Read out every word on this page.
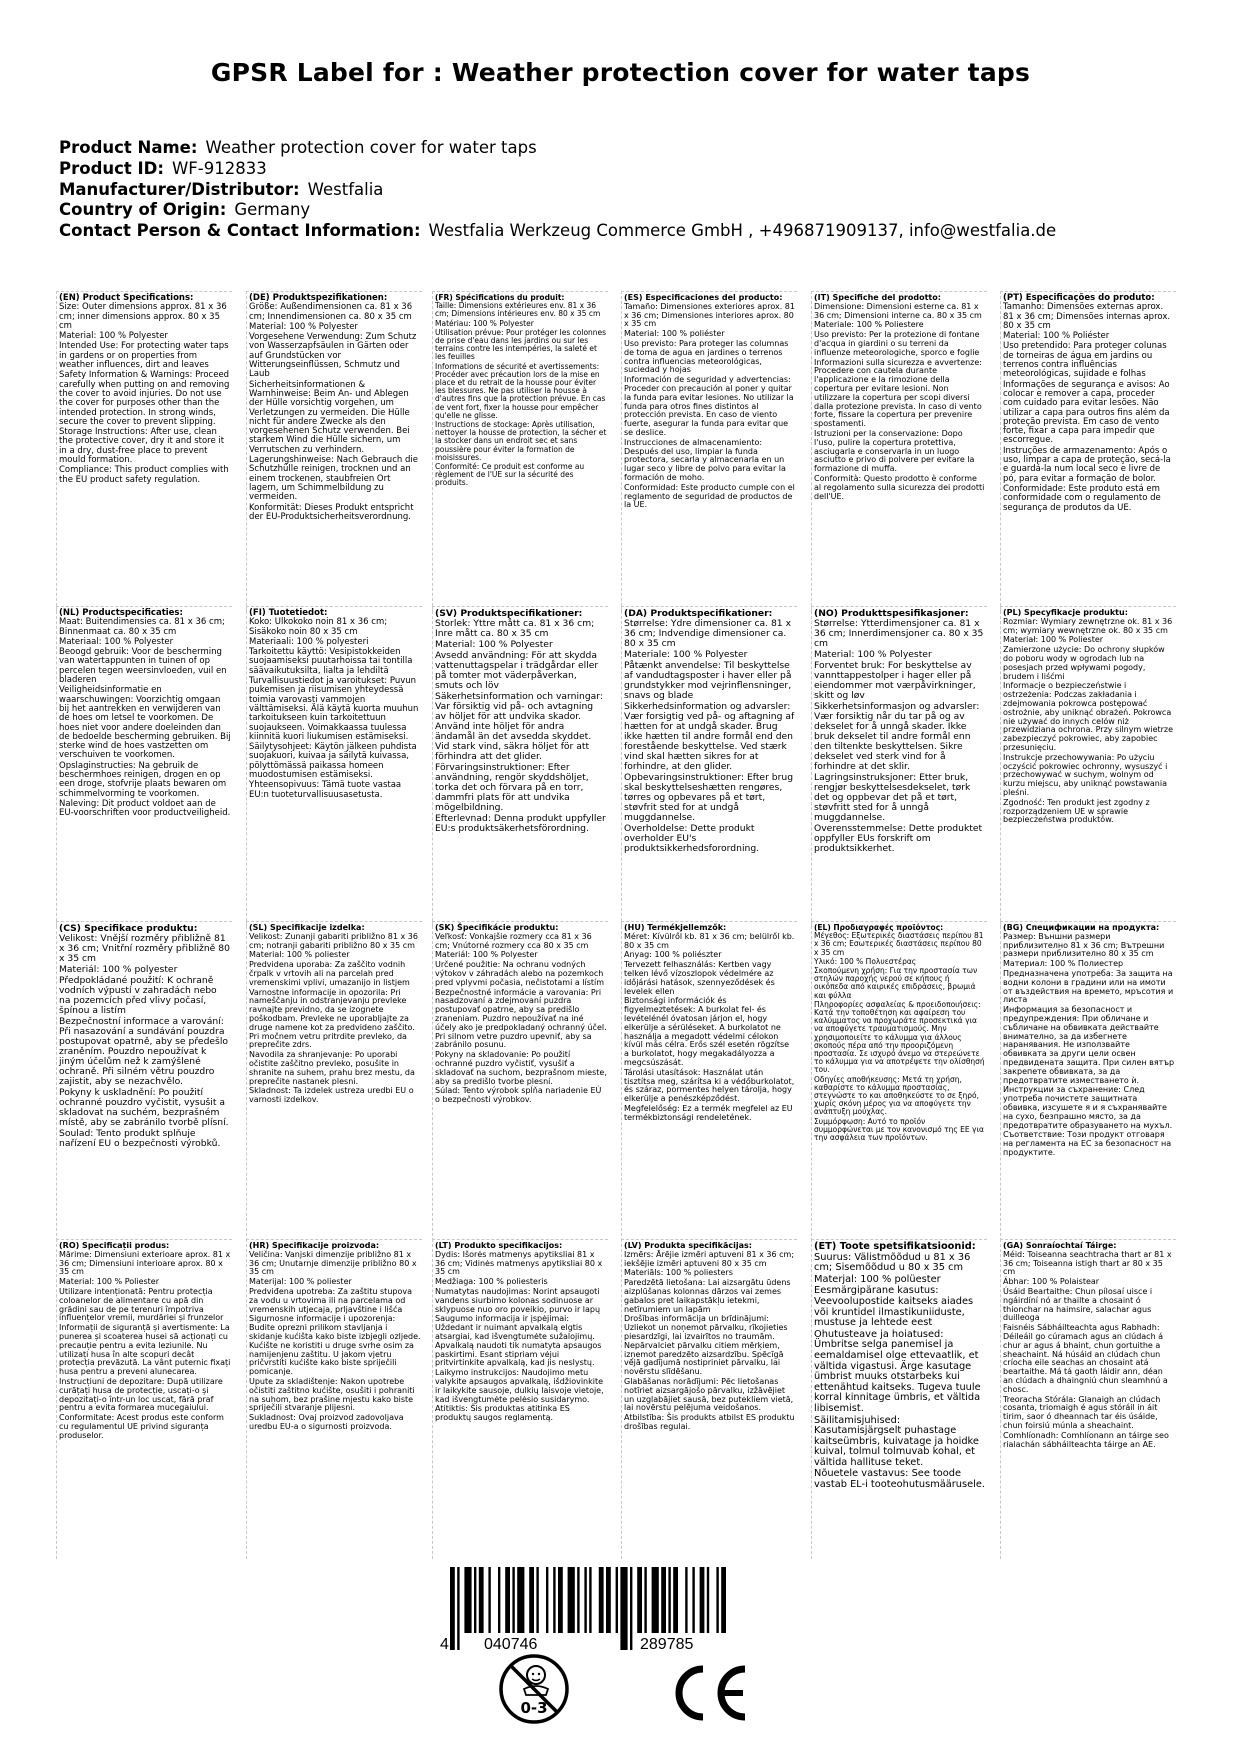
GPSR Label for : Weather protection cover for water taps
Product Name: Weather protection cover for water taps
Product ID: WF-912833
Manufacturer/Distributor: Westfalia
Country of Origin: Germany
Contact Person & Contact Information: Westfalia Werkzeug Commerce GmbH , +496871909137, info@westfalia.de
(EN) Product Specifications:

Size: Outer dimensions approx. 81 x 36 cm; inner dimensions approx. 80 x 35 cm

Material: 100 % Polyester

Intended Use: For protecting water taps in gardens or on properties from weather influences, dirt and leaves

Safety Information & Warnings: Proceed carefully when putting on and removing the cover to avoid injuries. Do not use the cover for purposes other than the intended protection. In strong winds, secure the cover to prevent slipping.

Storage Instructions: After use, clean the protective cover, dry it and store it in a dry, dust-free place to prevent mould formation.

Compliance: This product complies with the EU product safety regulation.

(DE) Produktspezifikationen:

Größe: Außendimensionen ca. 81 x 36 cm; Innendimensionen ca. 80 x 35 cm

Material: 100 % Polyester

Vorgesehene Verwendung: Zum Schutz von Wasserzapfsäulen in Gärten oder auf Grundstücken vor Witterungseinflüssen, Schmutz und Laub

Sicherheitsinformationen & Warnhinweise: Beim An- und Ablegen der Hülle vorsichtig vorgehen, um Verletzungen zu vermeiden. Die Hülle nicht für andere Zwecke als den vorgesehenen Schutz verwenden. Bei starkem Wind die Hülle sichern, um Verrutschen zu verhindern.

Lagerungshinweise: Nach Gebrauch die Schutzhülle reinigen, trocknen und an einem trockenen, staubfreien Ort lagern, um Schimmelbildung zu vermeiden.

Konformität: Dieses Produkt entspricht der EU-Produktsicherheitsverordnung.

(FR) Spécifications du produit:

Taille: Dimensions extérieures env. 81 x 36 cm; Dimensions intérieures env. 80 x 35 cm

Matériau: 100 % Polyester

Utilisation prévue: Pour protéger les colonnes de prise d'eau dans les jardins ou sur les terrains contre les intempéries, la saleté et les feuilles

Informations de sécurité et avertissements: Procéder avec précaution lors de la mise en place et du retrait de la housse pour éviter les blessures. Ne pas utiliser la housse à d'autres fins que la protection prévue. En cas de vent fort, fixer la housse pour empêcher qu'elle ne glisse.

Instructions de stockage: Après utilisation, nettoyer la housse de protection, la sécher et la stocker dans un endroit sec et sans poussière pour éviter la formation de moisissures.

Conformité: Ce produit est conforme au règlement de l'UE sur la sécurité des produits.

(ES) Especificaciones del producto:

Tamaño: Dimensiones exteriores aprox. 81 x 36 cm; Dimensiones interiores aprox. 80 x 35 cm

Material: 100 % poliéster

Uso previsto: Para proteger las columnas de toma de agua en jardines o terrenos contra influencias meteorológicas, suciedad y hojas

Información de seguridad y advertencias: Proceder con precaución al poner y quitar la funda para evitar lesiones. No utilizar la funda para otros fines distintos al protección prevista. En caso de viento fuerte, asegurar la funda para evitar que se deslice.

Instrucciones de almacenamiento: Después del uso, limpiar la funda protectora, secarla y almacenarla en un lugar seco y libre de polvo para evitar la formación de moho.

Conformidad: Este producto cumple con el reglamento de seguridad de productos de la UE.

(IT) Specifiche del prodotto:

Dimensione: Dimensioni esterne ca. 81 x 36 cm; Dimensioni interne ca. 80 x 35 cm

Materiale: 100 % Poliestere

Uso previsto: Per la protezione di fontane d'acqua in giardini o su terreni da influenze meteorologiche, sporco e foglie

Informazioni sulla sicurezza e avvertenze: Procedere con cautela durante l'applicazione e la rimozione della copertura per evitare lesioni. Non utilizzare la copertura per scopi diversi dalla protezione prevista. In caso di vento forte, fissare la copertura per prevenire spostamenti.

Istruzioni per la conservazione: Dopo l'uso, pulire la copertura protettiva, asciugarla e conservarla in un luogo asciutto e privo di polvere per evitare la formazione di muffa.

Conformità: Questo prodotto è conforme al regolamento sulla sicurezza dei prodotti dell'UE.

(PT) Especificações do produto:

Tamanho: Dimensões externas aprox. 81 x 36 cm; Dimensões internas aprox. 80 x 35 cm

Material: 100 % Poliéster

Uso pretendido: Para proteger colunas de torneiras de água em jardins ou terrenos contra influências meteorológicas, sujidade e folhas

Informações de segurança e avisos: Ao colocar e remover a capa, proceder com cuidado para evitar lesões. Não utilizar a capa para outros fins além da proteção prevista. Em caso de vento forte, fixar a capa para impedir que escorregue.

Instruções de armazenamento: Após o uso, limpar a capa de proteção, secá-la e guardá-la num local seco e livre de pó, para evitar a formação de bolor.

Conformidade: Este produto está em conformidade com o regulamento de segurança de produtos da UE.

(NL) Productspecificaties:

Maat: Buitendimensies ca. 81 x 36 cm; Binnenmaat ca. 80 x 35 cm

Materiaal: 100 % Polyester

Beoogd gebruik: Voor de bescherming van watertappunten in tuinen of op percelen tegen weersinvloeden, vuil en bladeren

Veiligheidsinformatie en waarschuwingen: Voorzichtig omgaan bij het aantrekken en verwijderen van de hoes om letsel te voorkomen. De hoes niet voor andere doeleinden dan de bedoelde bescherming gebruiken. Bij sterke wind de hoes vastzetten om verschuiven te voorkomen.

Opslaginstructies: Na gebruik de beschermhoes reinigen, drogen en op een droge, stofvrije plaats bewaren om schimmelvorming te voorkomen.

Naleving: Dit product voldoet aan de EU-voorschriften voor productveiligheid.

(FI) Tuotetiedot:

Koko: Ulkokoko noin 81 x 36 cm; Sisäkoko noin 80 x 35 cm

Materiaali: 100 % polyesteri

Tarkoitettu käyttö: Vesipistokkeiden suojaamiseksi puutarhoissa tai tontilla säävaikutuksilta, lialta ja lehdiltä

Turvallisuustiedot ja varoitukset: Puvun pukemisen ja riisumisen yhteydessä toimia varovasti vammojen välttämiseksi. Älä käytä kuorta muuhun tarkoitukseen kuin tarkoitettuun suojaukseen. Voimakkaassa tuulessa kiinnitä kuori liukumisen estämiseksi.

Säilytysohjeet: Käytön jälkeen puhdista suojakuori, kuivaa ja säilytä kuivassa, pölyttömässä paikassa homeen muodostumisen estämiseksi.

Yhteensopivuus: Tämä tuote vastaa EU:n tuoteturvallisuusasetusta.

(SV) Produktspecifikationer:

Storlek: Yttre mått ca. 81 x 36 cm; Inre mått ca. 80 x 35 cm

Material: 100 % Polyester

Avsedd användning: För att skydda vattenuttagspelar i trädgårdar eller på tomter mot väderpåverkan, smuts och löv

Säkerhetsinformation och varningar: Var försiktig vid på- och avtagning av höljet för att undvika skador. Använd inte höljet för andra ändamål än det avsedda skyddet. Vid stark vind, säkra höljet för att förhindra att det glider.

Förvaringsinstruktioner: Efter användning, rengör skyddshöljet, torka det och förvara på en torr, dammfri plats för att undvika mögelbildning.

Efterlevnad: Denna produkt uppfyller EU:s produktsäkerhetsförordning.

(DA) Produktspecifikationer:

Størrelse: Ydre dimensioner ca. 81 x 36 cm; Indvendige dimensioner ca. 80 x 35 cm

Materiale: 100 % Polyester

Påtænkt anvendelse: Til beskyttelse af vandudtagsposter i haver eller på grundstykker mod vejrinflensninger, snavs og blade

Sikkerhedsinformation og advarsler: Vær forsigtig ved på- og aftagning af hætten for at undgå skader. Brug ikke hætten til andre formål end den forestående beskyttelse. Ved stærk vind skal hætten sikres for at forhindre, at den glider.

Opbevaringsinstruktioner: Efter brug skal beskyttelseshætten rengøres, tørres og opbevares på et tørt, støvfrit sted for at undgå muggdannelse.

Overholdelse: Dette produkt overholder EU's produktsikkerhedsforordning.

(NO) Produkttspesifikasjoner:

Størrelse: Ytterdimensjoner ca. 81 x 36 cm; Innerdimensjoner ca. 80 x 35 cm

Material: 100 % Polyester

Forventet bruk: For beskyttelse av vannttappestolper i hager eller på eiendommer mot værpåvirkninger, skitt og løv

Sikkerhetsinformasjon og advarsler: Vær forsiktig når du tar på og av dekselet for å unngå skader. Ikke bruk dekselet til andre formål enn den tiltenkte beskyttelsen. Sikre dekselet ved sterk vind for å forhindre at det sklir.

Lagringsinstruksjoner: Etter bruk, rengjør beskyttelsesdekselet, tørk det og oppbevar det på et tørt, støvfritt sted for å unngå muggdannelse.

Overensstemmelse: Dette produktet oppfyller EUs forskrift om produktsikkerhet.

(PL) Specyfikacje produktu:

Rozmiar: Wymiary zewnętrzne ok. 81 x 36 cm; wymiary wewnętrzne ok. 80 x 35 cm

Materiał: 100 % Poliester

Zamierzone użycie: Do ochrony słupków do poboru wody w ogrodach lub na posesjach przed wpływami pogody, brudem i liśćmi

Informacje o bezpieczeństwie i ostrzeżenia: Podczas zakładania i zdejmowania pokrowca postępować ostrożnie, aby uniknąć obrażeń. Pokrowca nie używać do innych celów niż przewidziana ochrona. Przy silnym wietrze zabezpieczyć pokrowiec, aby zapobiec przesunięciu.

Instrukcje przechowywania: Po użyciu oczyścić pokrowiec ochronny, wysuszyć i przechowywać w suchym, wolnym od kurzu miejscu, aby uniknąć powstawania pleśni.

Zgodność: Ten produkt jest zgodny z rozporządzeniem UE w sprawie bezpieczeństwa produktów.

(CS) Specifikace produktu:

Velikost: Vnější rozměry přibližně 81 x 36 cm; Vnitřní rozměry přibližně 80 x 35 cm

Materiál: 100 % polyester

Předpokládané použití: K ochraně vodních výpustí v zahradách nebo na pozemcích před vlivy počasí, špínou a listím

Bezpečnostní informace a varování: Při nasazování a sundávání pouzdra postupovat opatrně, aby se předešlo zraněním. Pouzdro nepoužívat k jiným účelům než k zamýšlené ochraně. Při silném větru pouzdro zajistit, aby se nezachvělo.

Pokyny k uskladnění: Po použití ochranné pouzdro vyčistit, vysušit a skladovat na suchém, bezprašném místě, aby se zabránilo tvorbě plísní.

Soulad: Tento produkt splňuje nařízení EU o bezpečnosti výrobků.

(SL) Specifikacije izdelka:

Velikost: Zunanji gabariti približno 81 x 36 cm; notranji gabariti približno 80 x 35 cm

Material: 100 % poliester

Predvidena uporaba: Za zaščito vodnih črpalk v vrtovih ali na parcelah pred vremenskimi vplivi, umazanijo in listjem

Varnostne informacije in opozorila: Pri nameščanju in odstranjevanju prevleke ravnajte previdno, da se izognete poškodbam. Prevleke ne uporabljajte za druge namene kot za predvideno zaščito. Pri močnem vetru pritrdite prevleko, da preprečite zdrs.

Navodila za shranjevanje: Po uporabi očistite zaščitno prevleko, posušite in shranite na suhem, prahu brez mestu, da preprečite nastanek plesni.

Skladnost: Ta izdelek ustreza uredbi EU o varnosti izdelkov.

(SK) Špecifikácie produktu:

Veľkosť: Vonkajšie rozmery cca 81 x 36 cm; Vnútorné rozmery cca 80 x 35 cm

Materiál: 100 % Polyester

Určené použitie: Na ochranu vodných výtokov v záhradách alebo na pozemkoch pred vplyvmi počasia, nečistotami a lístím

Bezpečnostné informácie a varovania: Pri nasadzovaní a zdejmovaní puzdra postupovať opatrne, aby sa predišlo zraneniam. Puzdro nepoužívať na iné účely ako je predpokladaný ochranný účel. Pri silnom vetre puzdro upevniť, aby sa zabránilo posunu.

Pokyny na skladovanie: Po použití ochranné puzdro vyčistiť, vysušiť a skladovať na suchom, bezprašnom mieste, aby sa predišlo tvorbe plesní.

Súlad: Tento výrobok spĺňa nariadenie EÚ o bezpečnosti výrobkov.

(HU) Termékjellemzők:

Méret: Kívülről kb. 81 x 36 cm; belülről kb. 80 x 35 cm

Anyag: 100 % poliészter

Tervezett felhasználás: Kertben vagy telken lévő vízoszlopok védelmére az időjárási hatások, szennyeződések és levelek ellen

Biztonsági információk és figyelmeztetések: A burkolat fel- és levételénél óvatosan járjon el, hogy elkerülje a sérüléseket. A burkolatot ne használja a megadott védelmi célokon kívül más célra. Erős szél esetén rögzítse a burkolatot, hogy megakadályozza a megcsúszását.

Tárolási utasítások: Használat után tisztítsa meg, szárítsa ki a védőburkolatot, és száraz, pormentes helyen tárolja, hogy elkerülje a penészképződést.

Megfelelőség: Ez a termék megfelel az EU termékbiztonsági rendeletének.

(EL) Προδιαγραφές προϊόντος:

Μέγεθος: Εξωτερικές διαστάσεις περίπου 81 x 36 cm; Εσωτερικές διαστάσεις περίπου 80 x 35 cm

Υλικό: 100 % Πολυεστέρας

Σκοπούμενη χρήση: Για την προστασία των στηλών παροχής νερού σε κήπους ή οικόπεδα από καιρικές επιδράσεις, βρωμιά και φύλλα

Πληροφορίες ασφαλείας & προειδοποιήσεις: Κατά την τοποθέτηση και αφαίρεση του καλύμματος να προχωράτε προσεκτικά για να αποφύγετε τραυματισμούς. Μην χρησιμοποιείτε το κάλυμμα για άλλους σκοπούς πέρα από την προοριζόμενη προστασία. Σε ισχυρό άνεμο να στερεώνετε το κάλυμμα για να αποτρέψετε την ολίσθησή του.

Οδηγίες αποθήκευσης: Μετά τη χρήση, καθαρίστε το κάλυμμα προστασίας, στεγνώστε το και αποθηκεύστε το σε ξηρό, χωρίς σκόνη μέρος για να αποφύγετε την ανάπτυξη μούχλας.

Συμμόρφωση: Αυτό το προϊόν συμμορφώνεται με τον κανονισμό της ΕΕ για την ασφάλεια των προϊόντων.

(BG) Спецификации на продукта:

Размер: Външни размери приблизително 81 x 36 cm; Вътрешни размери приблизително 80 x 35 cm

Материал: 100 % Полиестер

Предназначена употреба: За защита на водни колони в градини или на имоти от въздействия на времето, мръсотия и листа

Информация за безопасност и предупреждения: При обличане и събличане на обвивката действайте внимателно, за да избегнете наранявания. Не използвайте обвивката за други цели освен предвидената защита. При силен вятър закрепете обвивката, за да предотвратите изместването ѝ.

Инструкции за съхранение: След употреба почистете защитната обвивка, изсушете я и я съхранявайте на сухо, безпрашно място, за да предотвратите образуването на мухъл.

Съответствие: Този продукт отговаря на регламента на ЕС за безопасност на продуктите.

(RO) Specificații produs:

Mărime: Dimensiuni exterioare aprox. 81 x 36 cm; Dimensiuni interioare aprox. 80 x 35 cm

Material: 100 % Poliester

Utilizare intenționată: Pentru protecția coloanelor de alimentare cu apă din grădini sau de pe terenuri împotriva influențelor vremii, murdăriei și frunzelor

Informații de siguranță și avertismente: La punerea și scoaterea husei să acționați cu precauție pentru a evita leziunile. Nu utilizați husa în alte scopuri decât protecția prevăzută. La vânt puternic fixați husa pentru a preveni alunecarea.

Instrucțiuni de depozitare: După utilizare curățați husa de protecție, uscați-o și depozitați-o într-un loc uscat, fără praf pentru a evita formarea mucegaiului.

Conformitate: Acest produs este conform cu regulamentul UE privind siguranța produselor.

(HR) Specifikacije proizvoda:

Veličina: Vanjski dimenzije približno 81 x 36 cm; Unutarnje dimenzije približno 80 x 35 cm

Materijal: 100 % poliester

Predviđena upotreba: Za zaštitu stupova za vodu u vrtovima ili na parcelama od vremenskih utjecaja, prljavštine i lišća

Sigurnosne informacije i upozorenja: Budite oprezni prilikom stavljanja i skidanje kućišta kako biste izbjegli ozljede. Kućište ne koristiti u druge svrhe osim za namijenjenu zaštitu. U jakom vjetru pričvrstiti kućište kako biste spriječili pomicanje.

Upute za skladištenje: Nakon upotrebe očistiti zaštitno kućište, osušiti i pohraniti na suhom, bez prašine mjestu kako biste spriječili stvaranje plijesni.

Sukladnost: Ovaj proizvod zadovoljava uredbu EU-a o sigurnosti proizvoda.

(LT) Produkto specifikacijos:

Dydis: Išorės matmenys apytiksliai 81 x 36 cm; Vidinės matmenys apytiksliai 80 x 35 cm

Medžiaga: 100 % poliesteris

Numatytas naudojimas: Norint apsaugoti vandens siurbimo kolonas sodinuose ar sklypuose nuo oro poveikio, purvo ir lapų

Saugumo informacija ir įspėjimai: Uždedant ir nuimant apvalkalą elgtis atsargiai, kad išvengtumėte sužalojimų. Apvalkalą naudoti tik numatyta apsaugos paskirtimi. Esant stipriam vėjui pritvirtinkite apvalkalą, kad jis neslystų.

Laikymo instrukcijos: Naudojimo metu valykite apsaugos apvalkalą, išdžiovinkite ir laikykite sausoje, dulkių laisvoje vietoje, kad išvengtumėte pelėsio susidarymo.

Atitiktis: Šis produktas atitinka ES produktų saugos reglamentą.

(LV) Produkta specifikācijas:

Izmērs: Ārējie izmēri aptuveni 81 x 36 cm; iekšējie izmēri aptuveni 80 x 35 cm

Materiāls: 100 % poliesters

Paredzētā lietošana: Lai aizsargātu ūdens aizplūšanas kolonnas dārzos vai zemes gabalos pret laikapstākļu ietekmi, netīrumiem un lapām

Drošības informācija un brīdinājumi: Uzliekot un noņemot pārvalku, rīkojieties piesardzīgi, lai izvairītos no traumām. Nepārvalciet pārvalku citiem mērķiem, izņemot paredzēto aizsardzību. Spēcīgā vējā gadījumā nostipriniet pārvalku, lai novērstu slīdēšanu.

Glabāšanas norādījumi: Pēc lietošanas notīriet aizsargājošo pārvalku, izžāvējiet un uzglabājiet sausā, bez putekliem vietā, lai novērstu pelējuma veidošanos.

Atbilstība: Šis produkts atbilst ES produktu drošības regulai.

(ET) Toote spetsifikatsioonid:

Suurus: Välistmõõdud u 81 x 36 cm; Sisemõõdud u 80 x 35 cm

Materjal: 100 % polüester

Eesmärgipärane kasutus: Veevoolupostide kaitseks aiades või kruntidel ilmastikuniiduste, mustuse ja lehtede eest

Ohutusteave ja hoiatused: Ümbritse selga panemisel ja eemaldamisel olge ettevaatlik, et vältida vigastusi. Ärge kasutage ümbrist muuks otstarbeks kui ettenähtud kaitseks. Tugeva tuule korral kinnitage ümbris, et vältida libisemist.

Säilitamisjuhised: Kasutamisjärgselt puhastage kaitseümbris, kuivatage ja hoidke kuival, tolmul tolmuvab kohal, et vältida hallituse teket.

Nõuetele vastavus: See toode vastab EL-i tooteohutusmäärusele.

(GA) Sonraíochtaí Táirge:

Méid: Toiseanna seachtracha thart ar 81 x 36 cm; Toiseanna istigh thart ar 80 x 35 cm

Ábhar: 100 % Polaistear

Úsáid Beartaithe: Chun pílosaí uisce i ngáirdíní nó ar thailte a chosaint ó thionchar na haimsire, salachar agus duilleoga

Faisnéis Sábháilteachta agus Rabhadh: Déileáil go cúramach agus an clúdach á chur ar agus á bhaint, chun gortuithe a sheachaint. Ná húsáid an clúdach chun críocha eile seachas an chosaint atá beartaithe. Má tá gaoth láidir ann, déan an clúdach a dhaingniú chun sleamhnú a chosc.

Treoracha Stórála: Glanaigh an clúdach cosanta, triomaigh é agus stóráil in áit tirim, saor ó dheannach tar éis úsáide, chun foirsiú múnla a sheachaint.

Comhlíonadh: Comhlíonann an táirge seo rialachán sábháilteachta táirge an AE.

4 040746	289785
0-3
